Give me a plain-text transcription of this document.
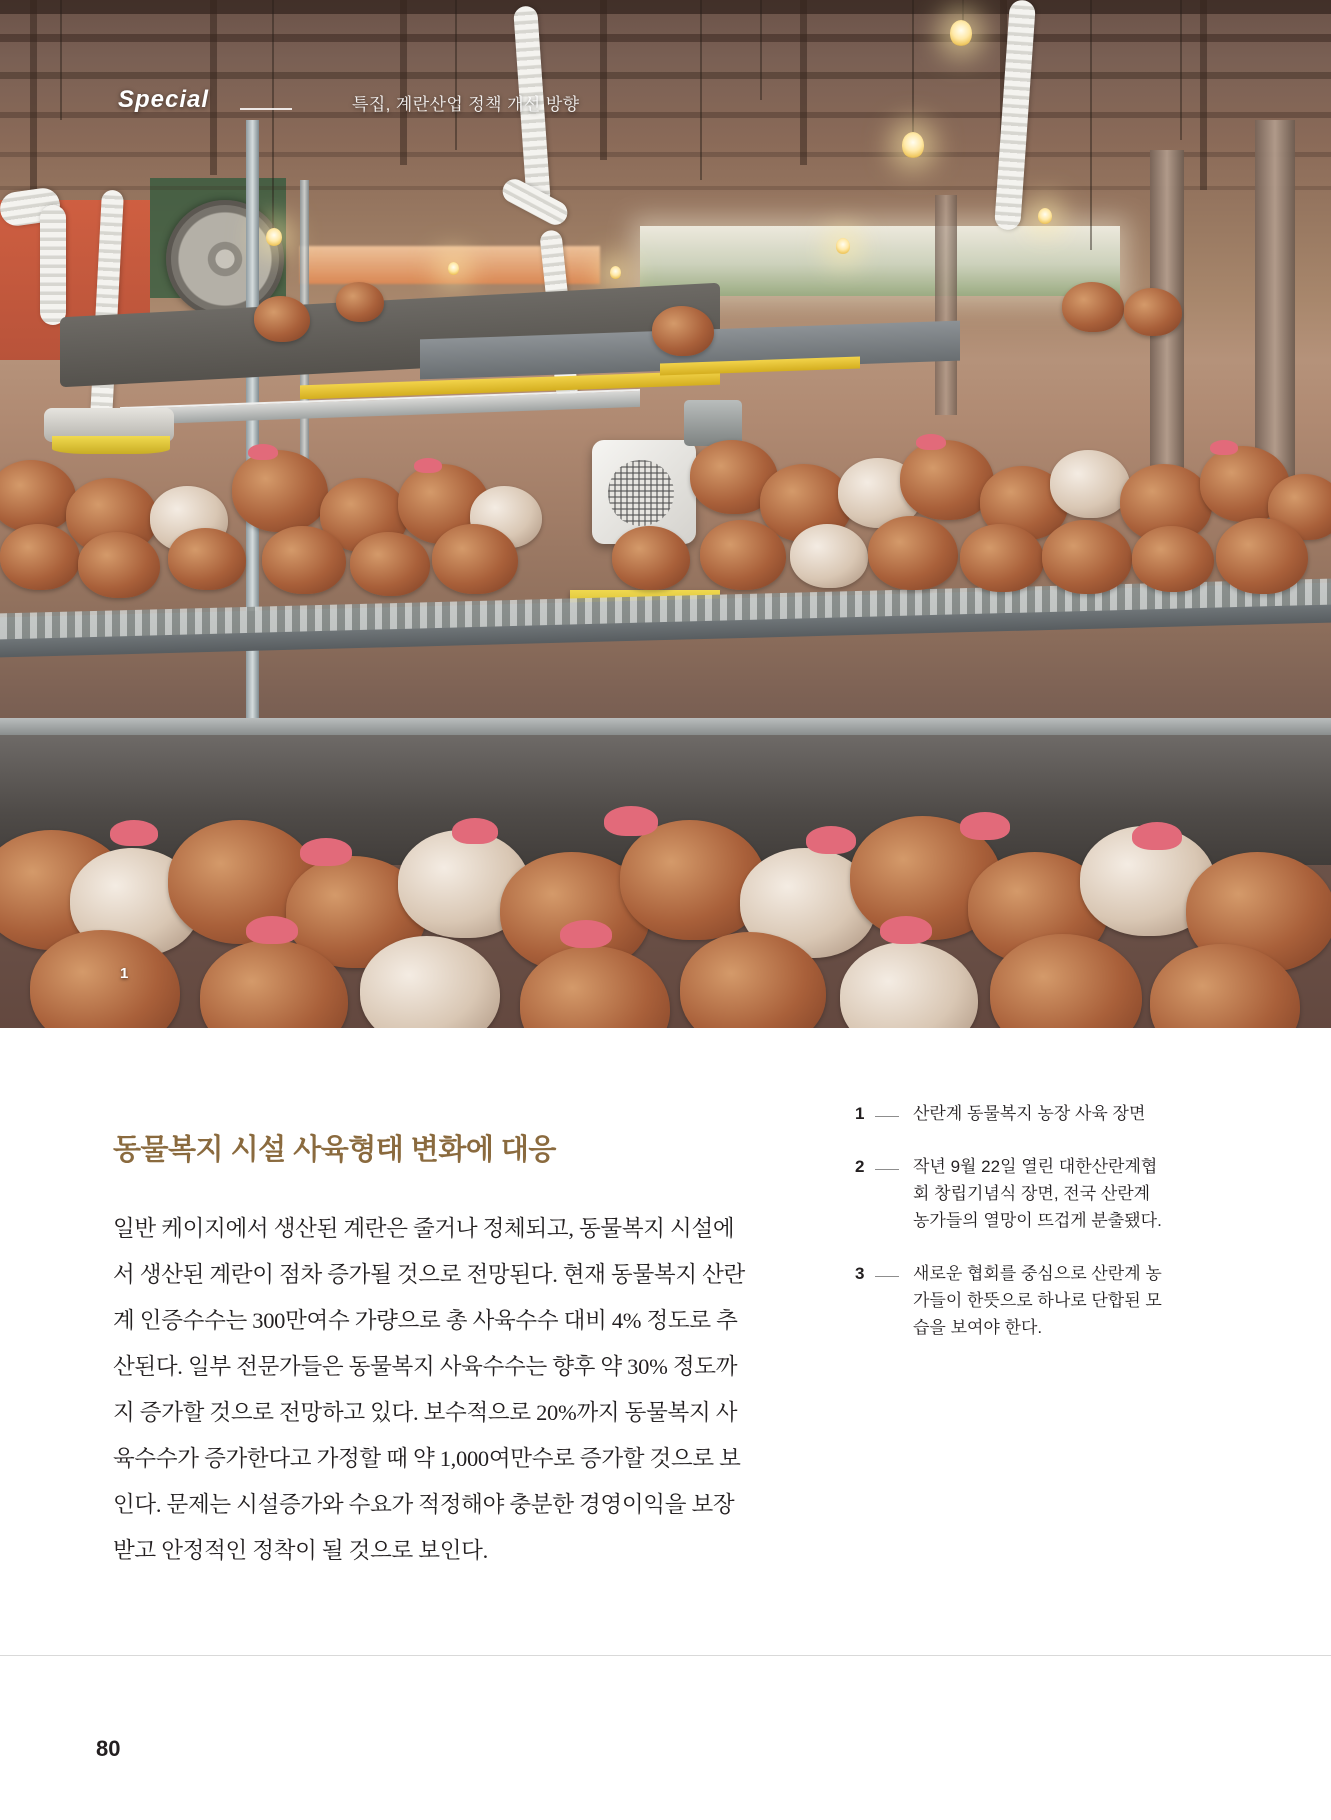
Special	특집, 계란산업 정책 개선 방향
1
동물복지 시설 사육형태 변화에 대응

일반 케이지에서 생산된 계란은 줄거나 정체되고, 동물복지 시설에서 생산된 계란이 점차 증가될 것으로 전망된다. 현재 동물복지 산란계 인증수수는 300만여수 가량으로 총 사육수수 대비 4% 정도로 추산된다. 일부 전문가들은 동물복지 사육수수는 향후 약 30% 정도까지 증가할 것으로 전망하고 있다. 보수적으로 20%까지 동물복지 사육수수가 증가한다고 가정할 때 약 1,000여만수로 증가할 것으로 보인다. 문제는 시설증가와 수요가 적정해야 충분한 경영이익을 보장받고 안정적인 정착이 될 것으로 보인다.

1	산란계 동물복지 농장 사육 장면
2	작년 9월 22일 열린 대한산란계협회 창립기념식 장면, 전국 산란계 농가들의 열망이 뜨겁게 분출됐다.
3	새로운 협회를 중심으로 산란계 농가들이 한뜻으로 하나로 단합된 모습을 보여야 한다.
80
